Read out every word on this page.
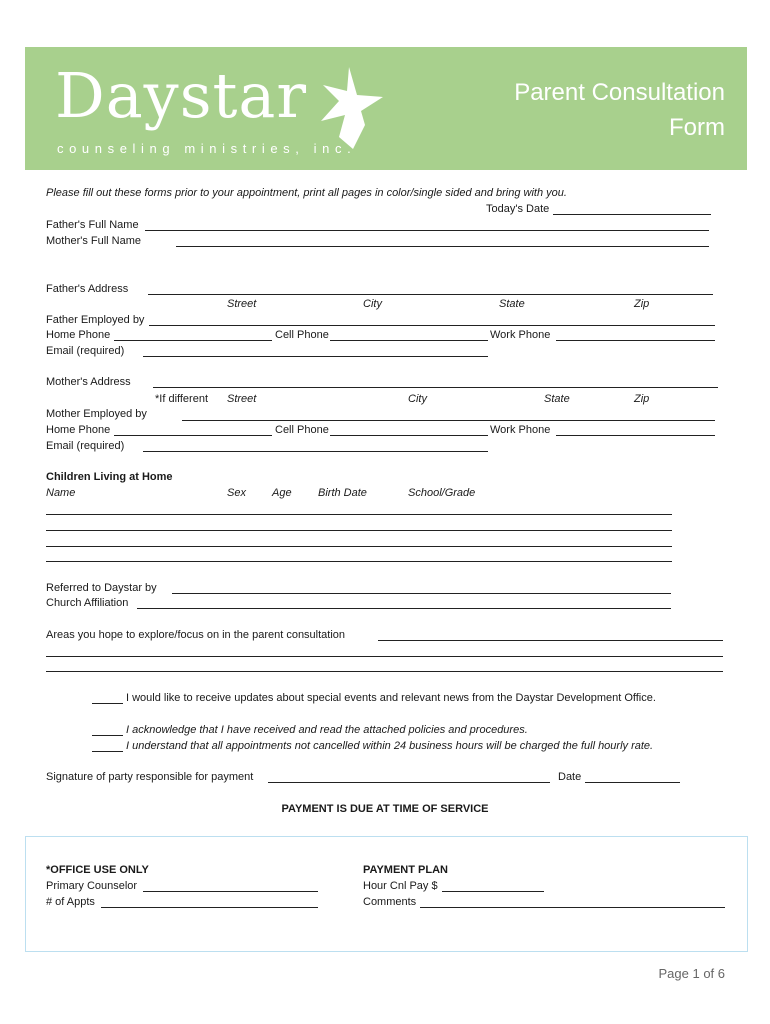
Daystar
counseling ministries, inc.
Parent Consultation
Form
Please fill out these forms prior to your appointment, print all pages in color/single sided and bring with you.
Today's Date
Father's Full Name
Mother's Full Name
Father's Address
Street	City	State	Zip
Father Employed by
Home Phone	Cell Phone	Work Phone
Email (required)
Mother's Address
*If different Street	City	State	Zip
Mother Employed by
Home Phone	Cell Phone	Work Phone
Email (required)
Children Living at Home
Name	Sex Age Birth Date	School/Grade
Referred to Daystar by
Church Affiliation
Areas you hope to explore/focus on in the parent consultation
I would like to receive updates about special events and relevant news from the Daystar Development Office.
I acknowledge that I have received and read the attached policies and procedures.
I understand that all appointments not cancelled within 24 business hours will be charged the full hourly rate.
Signature of party responsible for payment	Date
PAYMENT IS DUE AT TIME OF SERVICE
*OFFICE USE ONLY
Primary Counselor
# of Appts
PAYMENT PLAN
Hour Cnl Pay $
Comments
Page 1 of 6
